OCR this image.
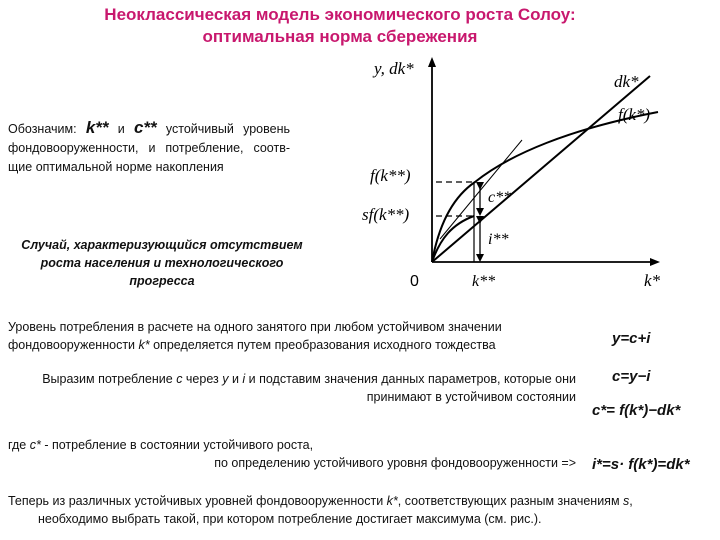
Неоклассическая модель экономического роста Солоу:
оптимальная норма сбережения
Обозначим: k** и c** устойчивый уровень фондовооруженности, и потребление, соотв-щие оптимальной норме накопления
Случай, характеризующийся отсутствием роста населения и технологического прогресса
y, dk*
dk*
f(k*)
f(k**)
sf(k**)
c**
i**
0	k**	k*
Уровень потребления в расчете на одного занятого при любом устойчивом значении фондовооруженности k* определяется путем преобразования исходного тождества
Выразим потребление c через y и i и подставим значения данных параметров, которые они принимают в устойчивом состоянии
где c* - потребление в состоянии устойчивого роста,
по определению устойчивого уровня фондовооруженности =>
Теперь из различных устойчивых уровней фондовооруженности k*, соответствующих разным значениям s,
необходимо выбрать такой, при котором потребление достигает максимума (см. рис.).
y=c+i
c=y−i
c*= f(k*)−dk*
i*=s· f(k*)=dk*
